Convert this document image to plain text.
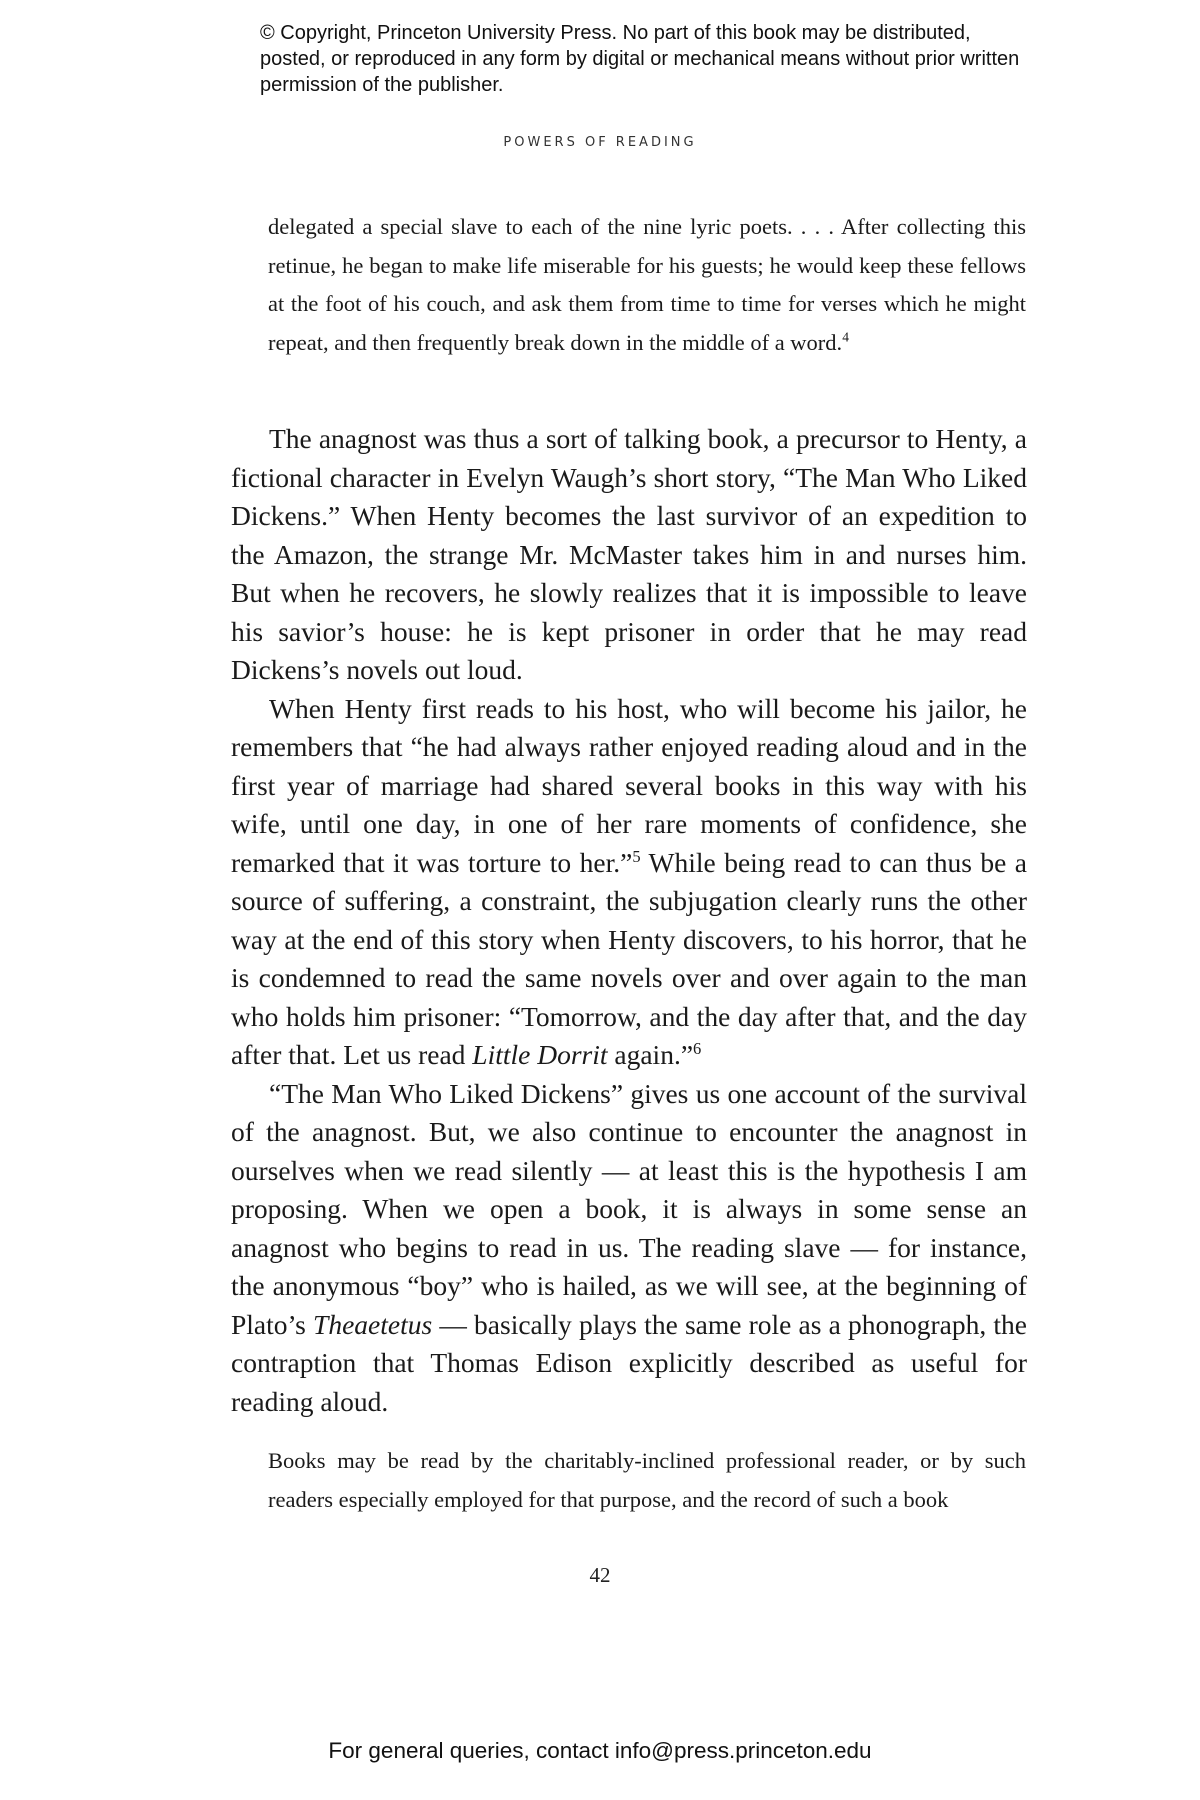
© Copyright, Princeton University Press. No part of this book may be distributed, posted, or reproduced in any form by digital or mechanical means without prior written permission of the publisher.
POWERS OF READING

delegated a special slave to each of the nine lyric poets. . . . After collecting this retinue, he began to make life miserable for his guests; he would keep these fellows at the foot of his couch, and ask them from time to time for verses which he might repeat, and then frequently break down in the middle of a word.$^4$

The anagnost was thus a sort of talking book, a precursor to Henty, a fictional character in Evelyn Waugh’s short story, “The Man Who Liked Dickens.” When Henty becomes the last survivor of an expedition to the Amazon, the strange Mr. McMaster takes him in and nurses him. But when he recovers, he slowly realizes that it is impossible to leave his savior’s house: he is kept prisoner in order that he may read Dickens’s novels out loud.

When Henty first reads to his host, who will become his jailor, he remembers that “he had always rather enjoyed reading aloud and in the first year of marriage had shared several books in this way with his wife, until one day, in one of her rare moments of confidence, she remarked that it was torture to her.”$^5$ While being read to can thus be a source of suffering, a constraint, the subjugation clearly runs the other way at the end of this story when Henty discovers, to his horror, that he is condemned to read the same novels over and over again to the man who holds him prisoner: “Tomorrow, and the day after that, and the day after that. Let us read Little Dorrit again.”$^6$

“The Man Who Liked Dickens” gives us one account of the survival of the anagnost. But, we also continue to encounter the anagnost in ourselves when we read silently — at least this is the hypothesis I am proposing. When we open a book, it is always in some sense an anagnost who begins to read in us. The reading slave — for instance, the anonymous “boy” who is hailed, as we will see, at the beginning of Plato’s Theaetetus — basically plays the same role as a phonograph, the contraption that Thomas Edison explicitly described as useful for reading aloud.

Books may be read by the charitably-inclined professional reader, or by such readers especially employed for that purpose, and the record of such a book

42
For general queries, contact info@press.princeton.edu
